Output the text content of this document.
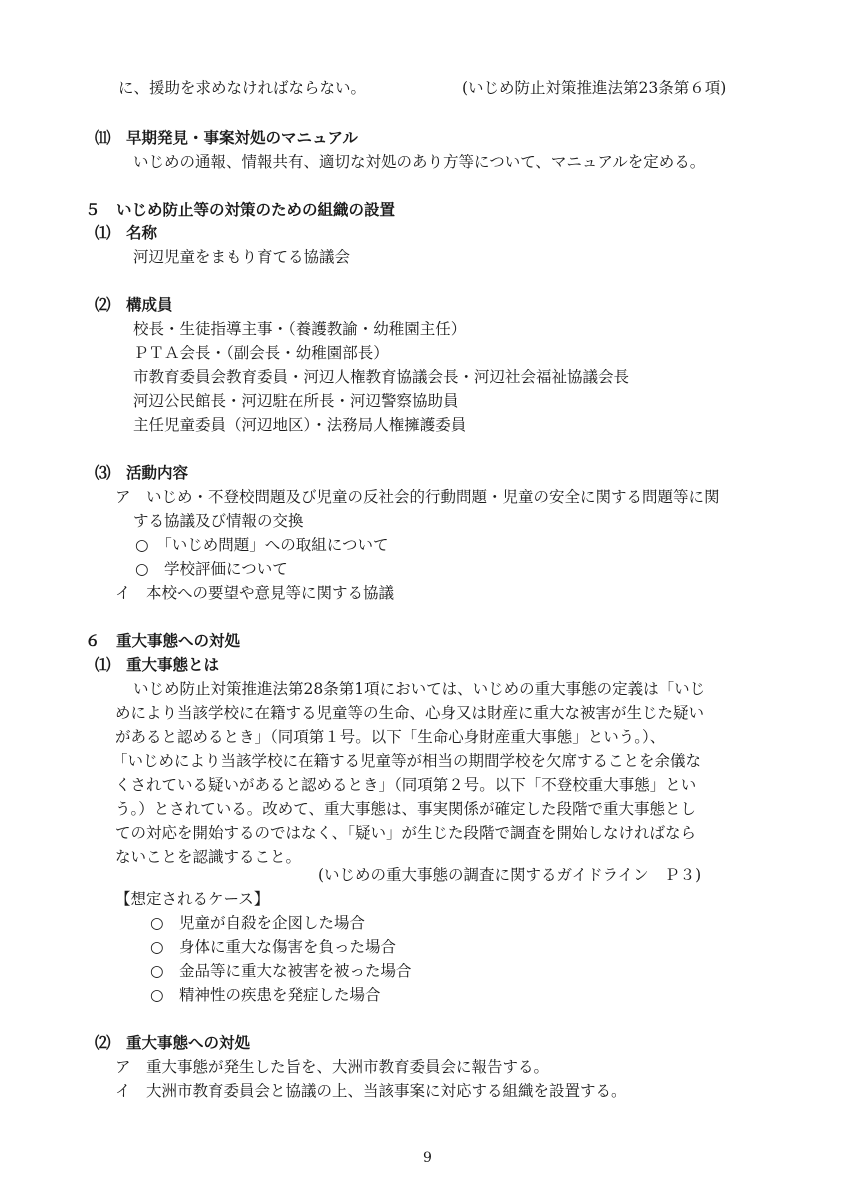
に、援助を求めなければならない。	(いじめ防止対策推進法第23条第６項)
⑾　早期発見・事案対処のマニュアル
いじめの通報、情報共有、適切な対処のあり方等について、マニュアルを定める。
５　いじめ防止等の対策のための組織の設置
⑴　名称
河辺児童をまもり育てる協議会
⑵　構成員
校長・生徒指導主事・（養護教諭・幼稚園主任）
ＰＴＡ会長・（副会長・幼稚園部長）
市教育委員会教育委員・河辺人権教育協議会長・河辺社会福祉協議会長
河辺公民館長・河辺駐在所長・河辺警察協助員
主任児童委員（河辺地区）・法務局人権擁護委員
⑶　活動内容
ア　いじめ・不登校問題及び児童の反社会的行動問題・児童の安全に関する問題等に関
する協議及び情報の交換
○　「いじめ問題」への取組について
○　学校評価について
イ　本校への要望や意見等に関する協議
６　重大事態への対処
⑴　重大事態とは
いじめ防止対策推進法第28条第1項においては、いじめの重大事態の定義は「いじ
めにより当該学校に在籍する児童等の生命、心身又は財産に重大な被害が生じた疑い
があると認めるとき」（同項第１号。以下「生命心身財産重大事態」という。）、
「いじめにより当該学校に在籍する児童等が相当の期間学校を欠席することを余儀な
くされている疑いがあると認めるとき」（同項第２号。以下「不登校重大事態」とい
う。）とされている。改めて、重大事態は、事実関係が確定した段階で重大事態とし
ての対応を開始するのではなく、「疑い」が生じた段階で調査を開始しなければなら
ないことを認識すること。
(いじめの重大事態の調査に関するガイドライン　Ｐ３)
【想定されるケース】
○　児童が自殺を企図した場合
○　身体に重大な傷害を負った場合
○　金品等に重大な被害を被った場合
○　精神性の疾患を発症した場合
⑵　重大事態への対処
ア　重大事態が発生した旨を、大洲市教育委員会に報告する。
イ　大洲市教育委員会と協議の上、当該事案に対応する組織を設置する。
9
